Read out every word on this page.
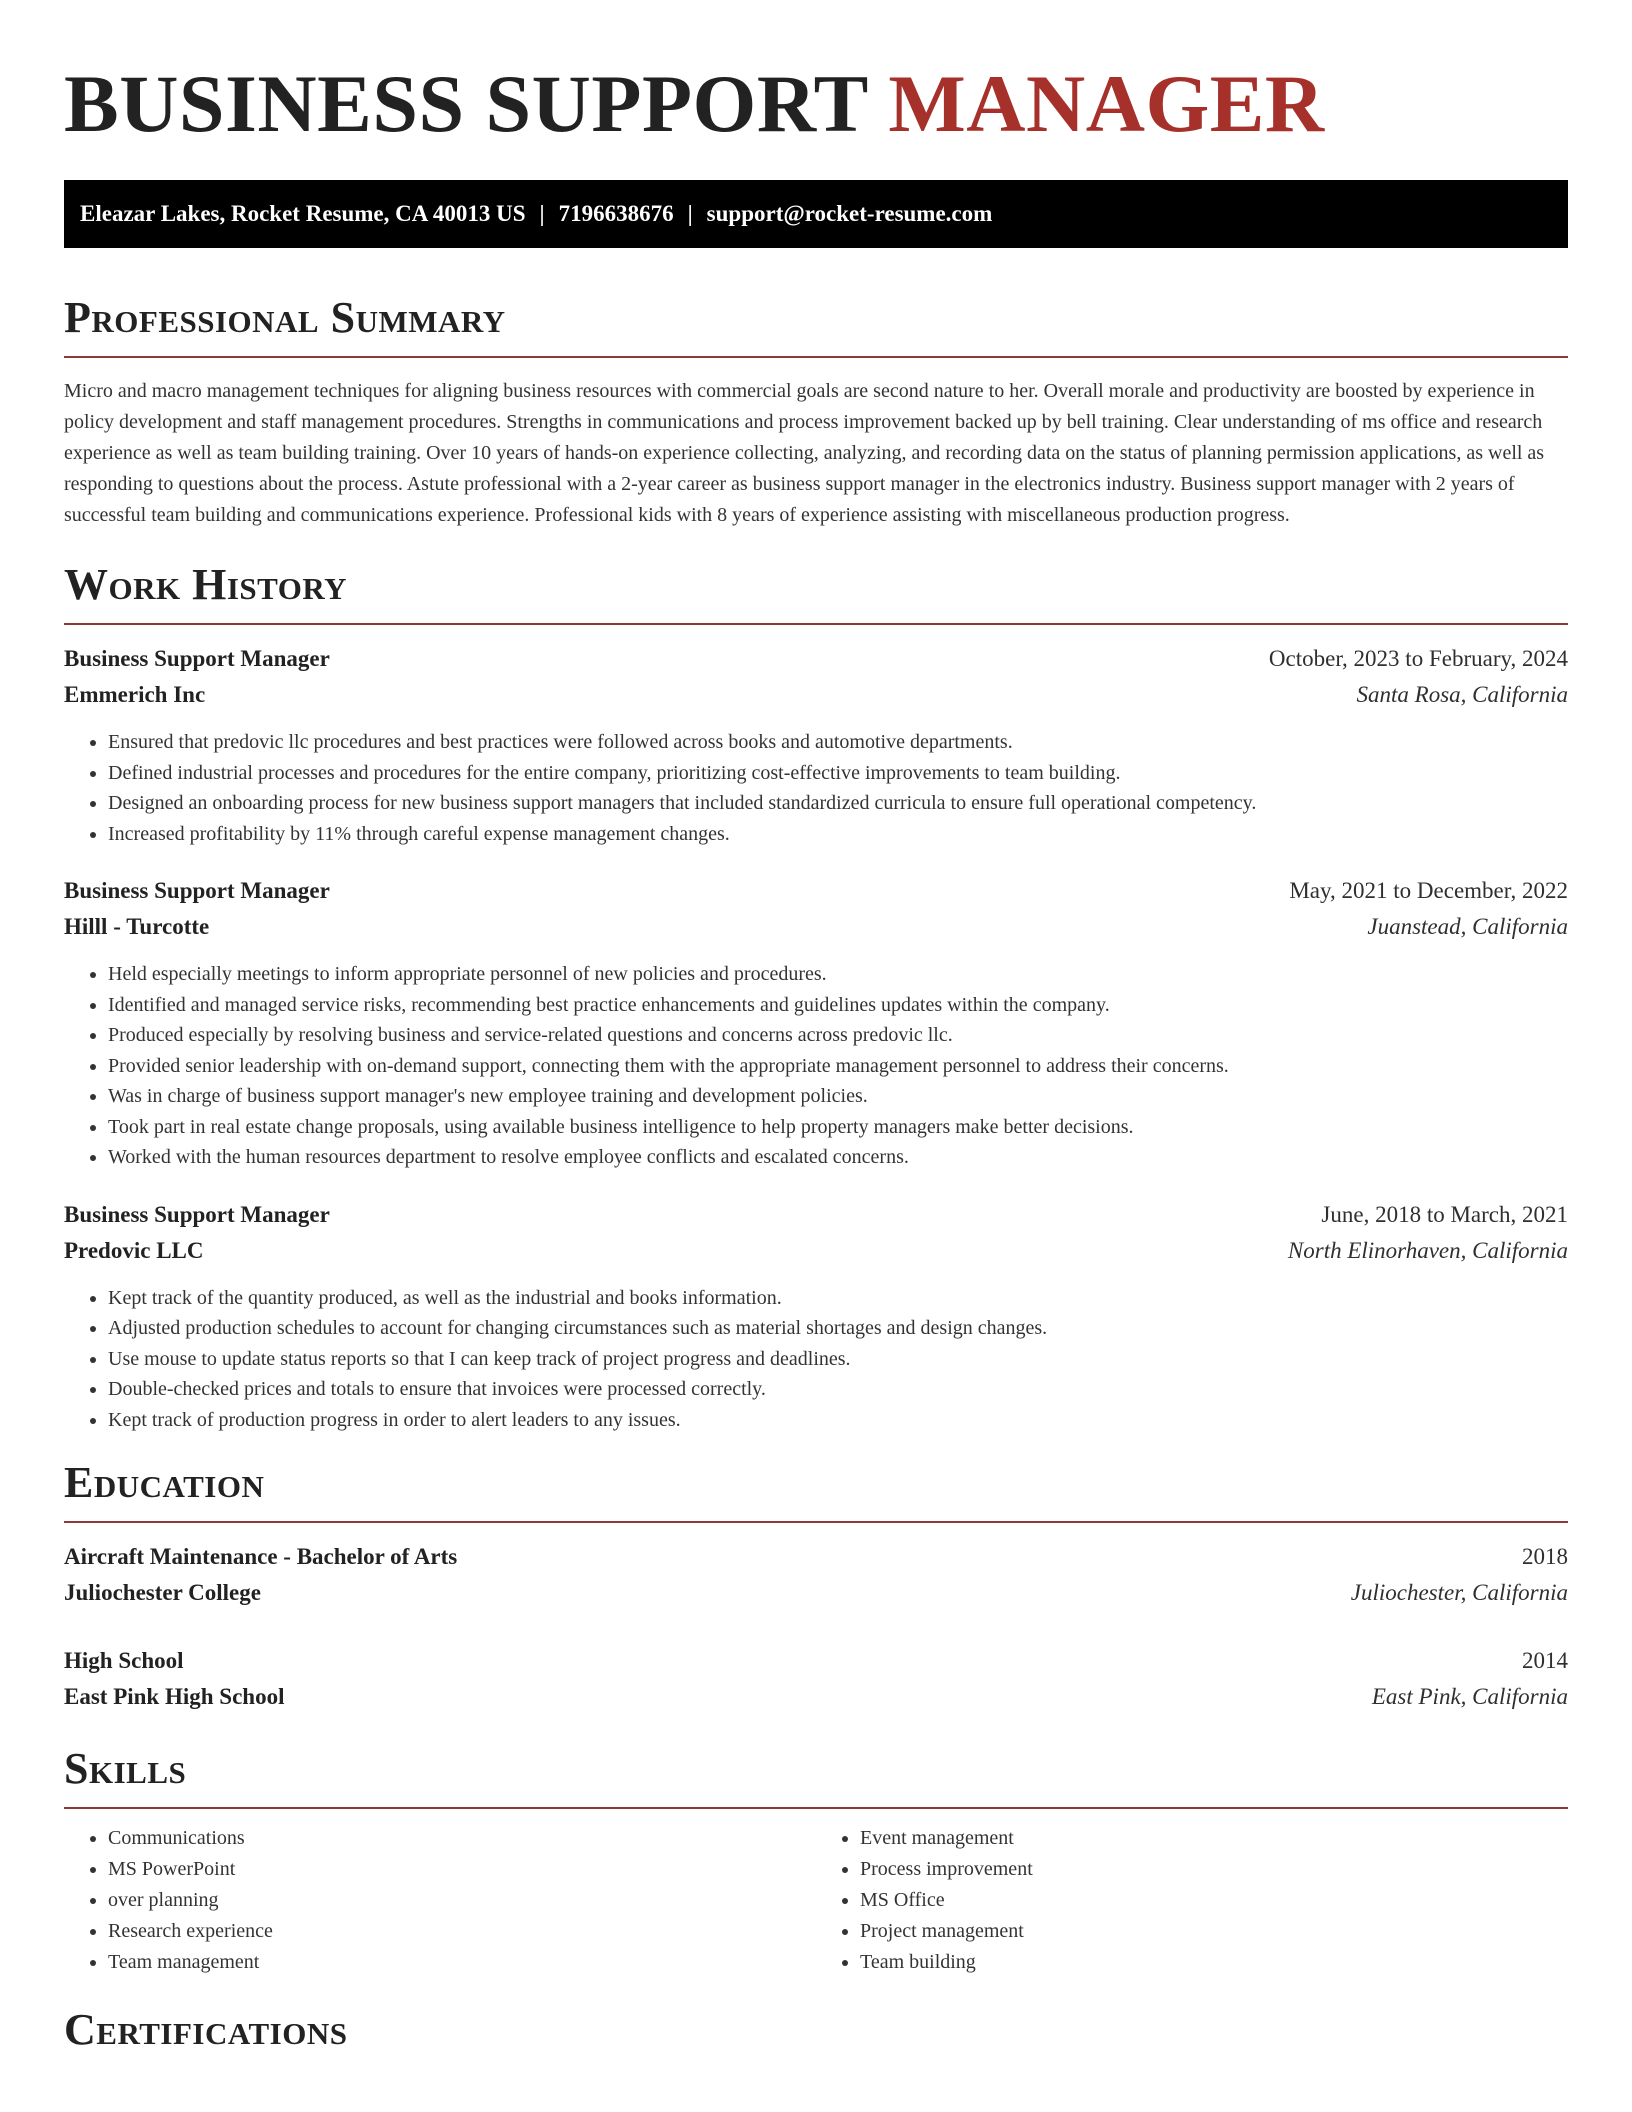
BUSINESS SUPPORT MANAGER
Eleazar Lakes, Rocket Resume, CA 40013 US | 7196638676 | support@rocket-resume.com
Professional Summary

Micro and macro management techniques for aligning business resources with commercial goals are second nature to her. Overall morale and productivity are boosted by experience in policy development and staff management procedures. Strengths in communications and process improvement backed up by bell training. Clear understanding of ms office and research experience as well as team building training. Over 10 years of hands-on experience collecting, analyzing, and recording data on the status of planning permission applications, as well as responding to questions about the process. Astute professional with a 2-year career as business support manager in the electronics industry. Business support manager with 2 years of successful team building and communications experience. Professional kids with 8 years of experience assisting with miscellaneous production progress.

Work History
Business Support Manager	October, 2023 to February, 2024
Emmerich Inc	Santa Rosa, California
• Ensured that predovic llc procedures and best practices were followed across books and automotive departments.
• Defined industrial processes and procedures for the entire company, prioritizing cost-effective improvements to team building.
• Designed an onboarding process for new business support managers that included standardized curricula to ensure full operational competency.
• Increased profitability by 11% through careful expense management changes.
Business Support Manager	May, 2021 to December, 2022
Hilll - Turcotte	Juanstead, California
• Held especially meetings to inform appropriate personnel of new policies and procedures.
• Identified and managed service risks, recommending best practice enhancements and guidelines updates within the company.
• Produced especially by resolving business and service-related questions and concerns across predovic llc.
• Provided senior leadership with on-demand support, connecting them with the appropriate management personnel to address their concerns.
• Was in charge of business support manager's new employee training and development policies.
• Took part in real estate change proposals, using available business intelligence to help property managers make better decisions.
• Worked with the human resources department to resolve employee conflicts and escalated concerns.
Business Support Manager	June, 2018 to March, 2021
Predovic LLC	North Elinorhaven, California
• Kept track of the quantity produced, as well as the industrial and books information.
• Adjusted production schedules to account for changing circumstances such as material shortages and design changes.
• Use mouse to update status reports so that I can keep track of project progress and deadlines.
• Double-checked prices and totals to ensure that invoices were processed correctly.
• Kept track of production progress in order to alert leaders to any issues.
Education
Aircraft Maintenance - Bachelor of Arts	2018
Juliochester College	Juliochester, California
High School	2014
East Pink High School	East Pink, California
Skills
• Communications
• MS PowerPoint
• over planning
• Research experience
• Team management
• Event management
• Process improvement
• MS Office
• Project management
• Team building
Certifications
